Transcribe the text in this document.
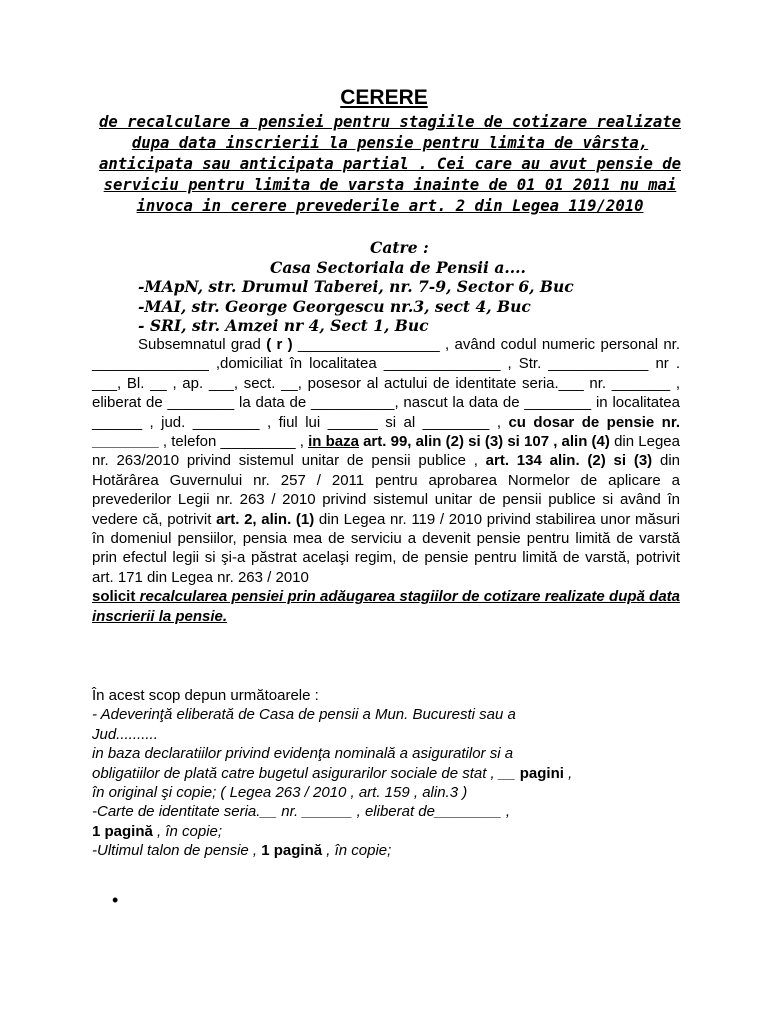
CERERE
de recalculare a pensiei pentru stagiile de cotizare realizate dupa data inscrierii la pensie pentru limita de vârsta, anticipata sau anticipata partial . Cei care au avut pensie de serviciu pentru limita de varsta inainte de 01 01 2011 nu mai invoca in cerere prevederile art. 2 din Legea 119/2010
Catre :
Casa Sectoriala de Pensii a....
-MApN, str. Drumul Taberei, nr. 7-9, Sector 6, Buc
-MAI, str. George Georgescu nr.3, sect 4, Buc
- SRI, str. Amzei nr 4, Sect 1, Buc

Subsemnatul grad ( r ) _________________ , având codul numeric personal nr. ______________ ,domiciliat în localitatea ______________ , Str. ____________ nr . ___, Bl. __ , ap. ___, sect. __, posesor al actului de identitate seria.___ nr. _______ , eliberat de ________ la data de __________, nascut la data de ________ in localitatea ______ , jud. ________ , fiul lui ______ si al ________ , cu dosar de pensie nr. ________ , telefon _________ , in baza art. 99, alin (2) si (3) si 107 , alin (4) din Legea nr. 263/2010 privind sistemul unitar de pensii publice , art. 134 alin. (2) si (3) din Hotărârea Guvernului nr. 257 / 2011 pentru aprobarea Normelor de aplicare a prevederilor Legii nr. 263 / 2010 privind sistemul unitar de pensii publice si având în vedere că, potrivit art. 2, alin. (1) din Legea nr. 119 / 2010 privind stabilirea unor măsuri în domeniul pensiilor, pensia mea de serviciu a devenit pensie pentru limită de varstă prin efectul legii si şi-a păstrat acelaşi regim, de pensie pentru limită de varstă, potrivit art. 171 din Legea nr. 263 / 2010
solicit recalcularea pensiei prin adăugarea stagiilor de cotizare realizate după data inscrierii la pensie.

În acest scop depun următoarele :
- Adeverinţă eliberată de Casa de pensii a Mun. Bucuresti sau a
Jud..........
in baza declaratiilor privind evidenţa nominală a asiguratilor si a
obligatiilor de plată catre bugetul asigurarilor sociale de stat , __ pagini ,
în original şi copie; ( Legea 263 / 2010 , art. 159 , alin.3 )
-Carte de identitate seria.__ nr. ______ , eliberat de________ ,
1 pagină , în copie;
-Ultimul talon de pensie , 1 pagină , în copie;
•
